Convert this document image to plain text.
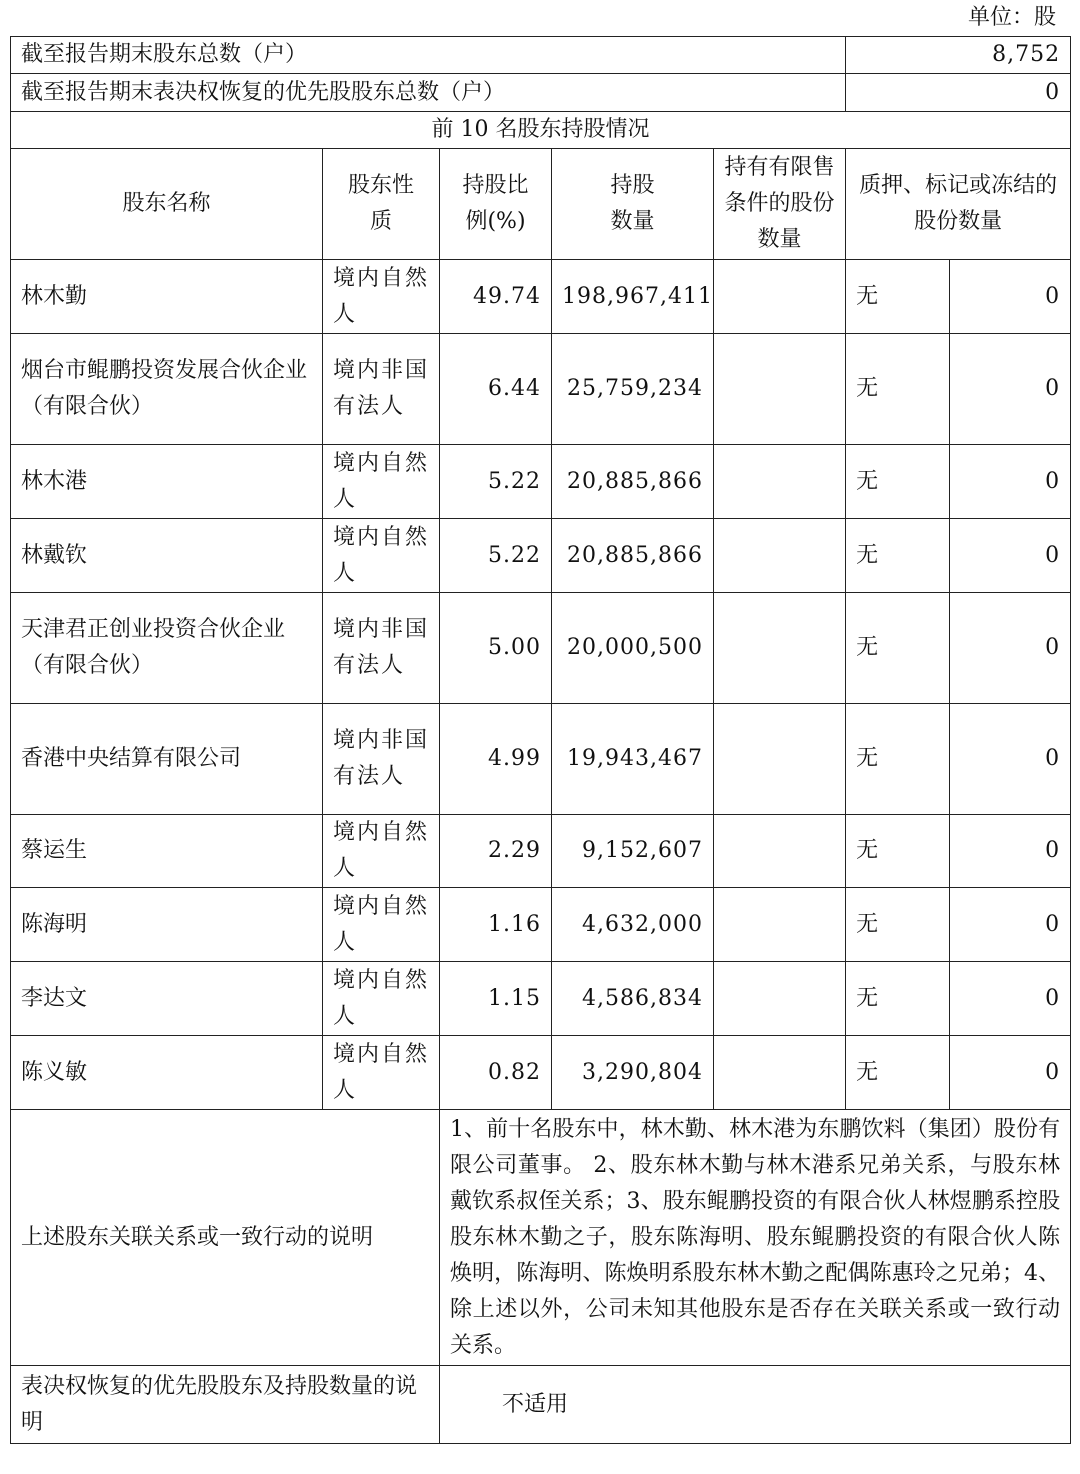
单位：股
截至报告期末股东总数（户）					8,752	
截至报告期末表决权恢复的优先股股东总数（户）					0	
前 10 名股东持股情况						
股东名称	股东性质	持股比例(%)	持股数量	持有有限售条件的股份数量	质押、标记或冻结的股份数量	
林木勤	境内自然人	49.74	198,967,411		无	0
烟台市鲲鹏投资发展合伙企业（有限合伙）	境内非国有法人	6.44	25,759,234		无	0
林木港	境内自然人	5.22	20,885,866		无	0
林戴钦	境内自然人	5.22	20,885,866		无	0
天津君正创业投资合伙企业（有限合伙）	境内非国有法人	5.00	20,000,500		无	0
香港中央结算有限公司	境内非国有法人	4.99	19,943,467		无	0
蔡运生	境内自然人	2.29	9,152,607		无	0
陈海明	境内自然人	1.16	4,632,000		无	0
李达文	境内自然人	1.15	4,586,834		无	0
陈义敏	境内自然人	0.82	3,290,804		无	0
上述股东关联关系或一致行动的说明		1、前十名股东中，林木勤、林木港为东鹏饮料（集团）股份有限公司董事。 2、股东林木勤与林木港系兄弟关系，与股东林戴钦系叔侄关系；3、股东鲲鹏投资的有限合伙人林煜鹏系控股股东林木勤之子，股东陈海明、股东鲲鹏投资的有限合伙人陈焕明，陈海明、陈焕明系股东林木勤之配偶陈惠玲之兄弟；4、除上述以外，公司未知其他股东是否存在关联关系或一致行动关系。				
表决权恢复的优先股股东及持股数量的说明		不适用				
